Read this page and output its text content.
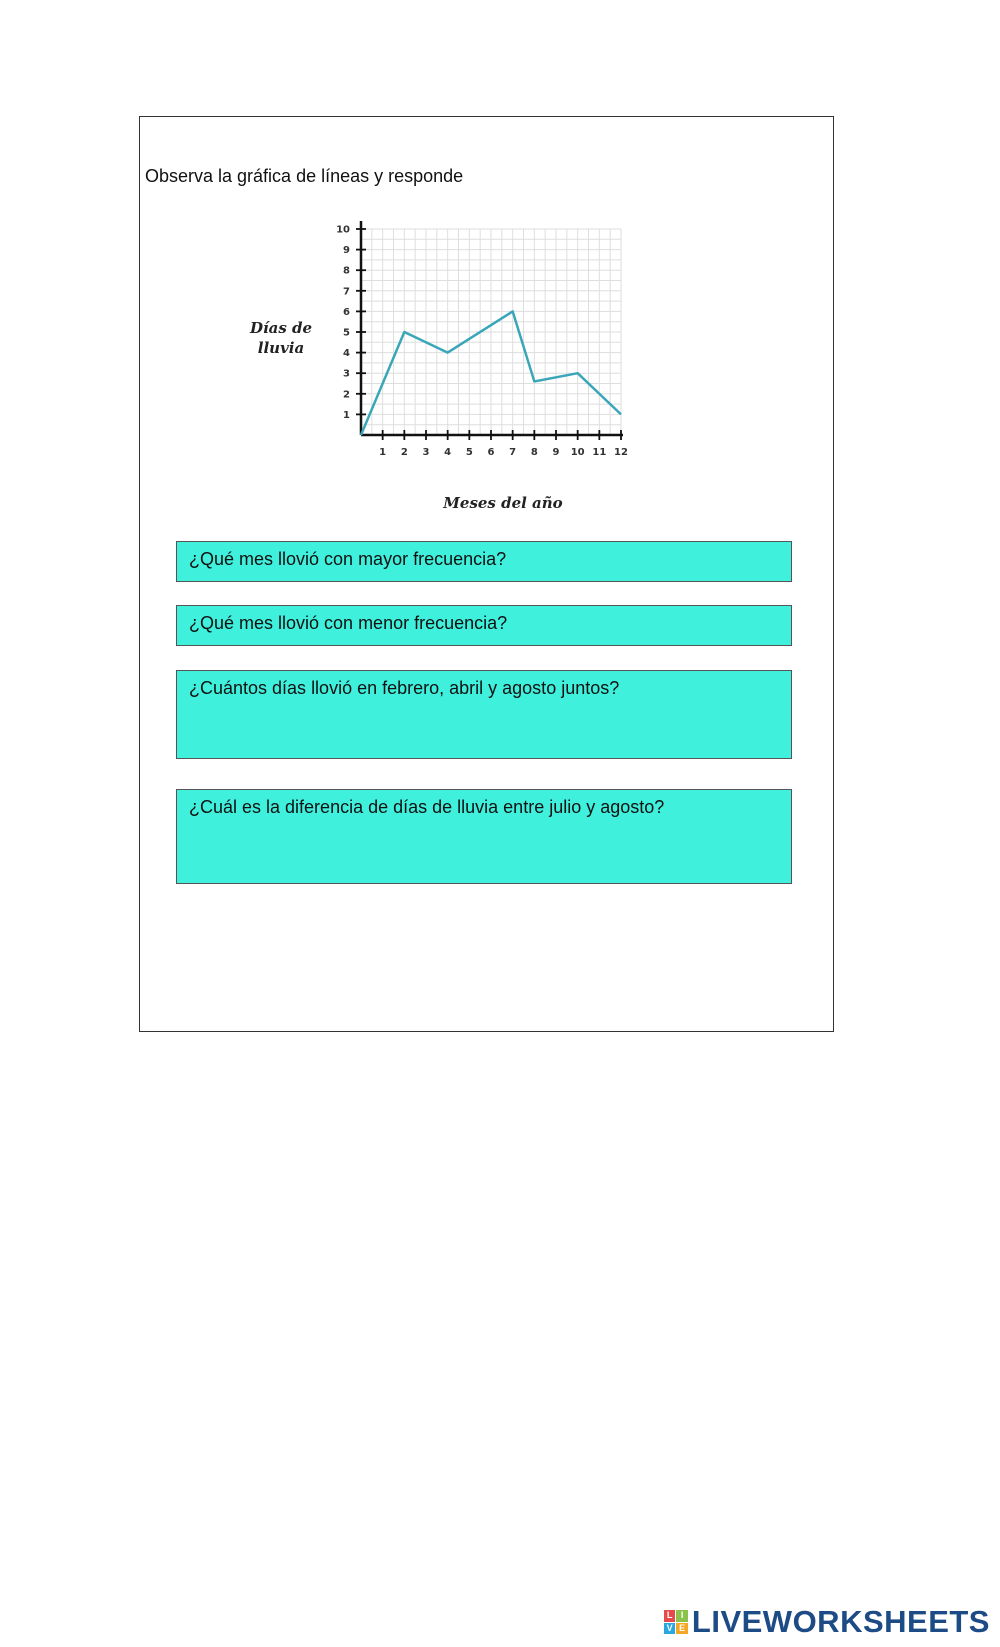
Observa la gráfica de líneas y responde
1 2 3 4 5 6 7 8 9 10 11 12
1
2
3
4
5
6
7
8
9
10
Días de
lluvia
Meses del año
¿Qué mes llovió con mayor frecuencia?
¿Qué mes llovió con menor frecuencia?
¿Cuántos días llovió en febrero, abril y agosto juntos?
¿Cuál es la diferencia de días de lluvia entre julio y agosto?
L I
V E LIVEWORKSHEETS
